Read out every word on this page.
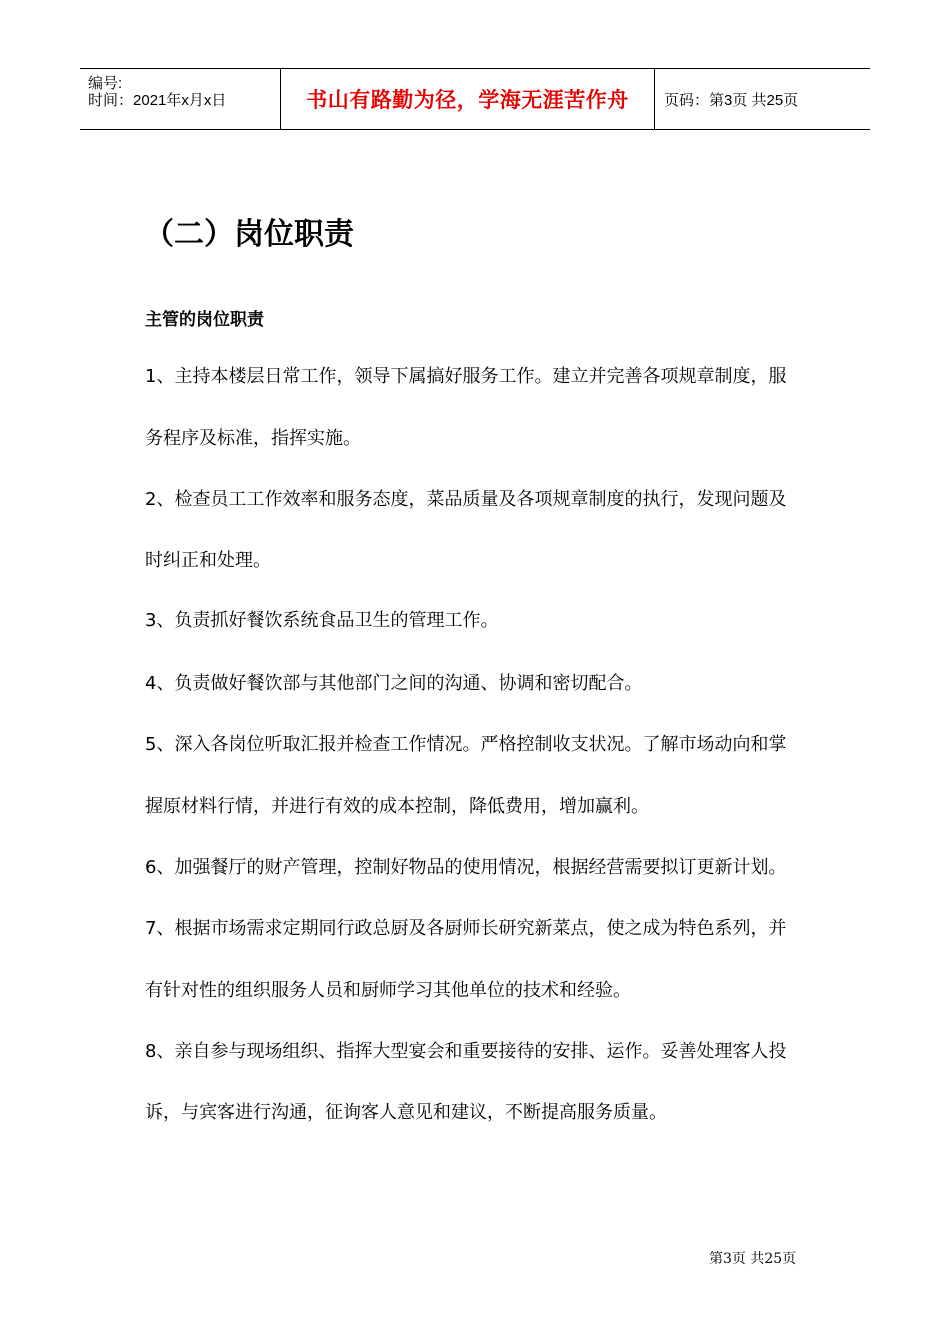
编号:
时间：2021年x月x日	书山有路勤为径，学海无涯苦作舟 页码：第3页 共25页
（二）岗位职责
主管的岗位职责
1、主持本楼层日常工作，领导下属搞好服务工作。建立并完善各项规章制度，服
务程序及标准，指挥实施。
2、检查员工工作效率和服务态度，菜品质量及各项规章制度的执行，发现问题及
时纠正和处理。
3、负责抓好餐饮系统食品卫生的管理工作。
4、负责做好餐饮部与其他部门之间的沟通、协调和密切配合。
5、深入各岗位听取汇报并检查工作情况。严格控制收支状况。了解市场动向和掌
握原材料行情，并进行有效的成本控制，降低费用，增加赢利。
6、加强餐厅的财产管理，控制好物品的使用情况，根据经营需要拟订更新计划。
7、根据市场需求定期同行政总厨及各厨师长研究新菜点，使之成为特色系列，并
有针对性的组织服务人员和厨师学习其他单位的技术和经验。
8、亲自参与现场组织、指挥大型宴会和重要接待的安排、运作。妥善处理客人投
诉，与宾客进行沟通，征询客人意见和建议，不断提高服务质量。
第3页 共25页
